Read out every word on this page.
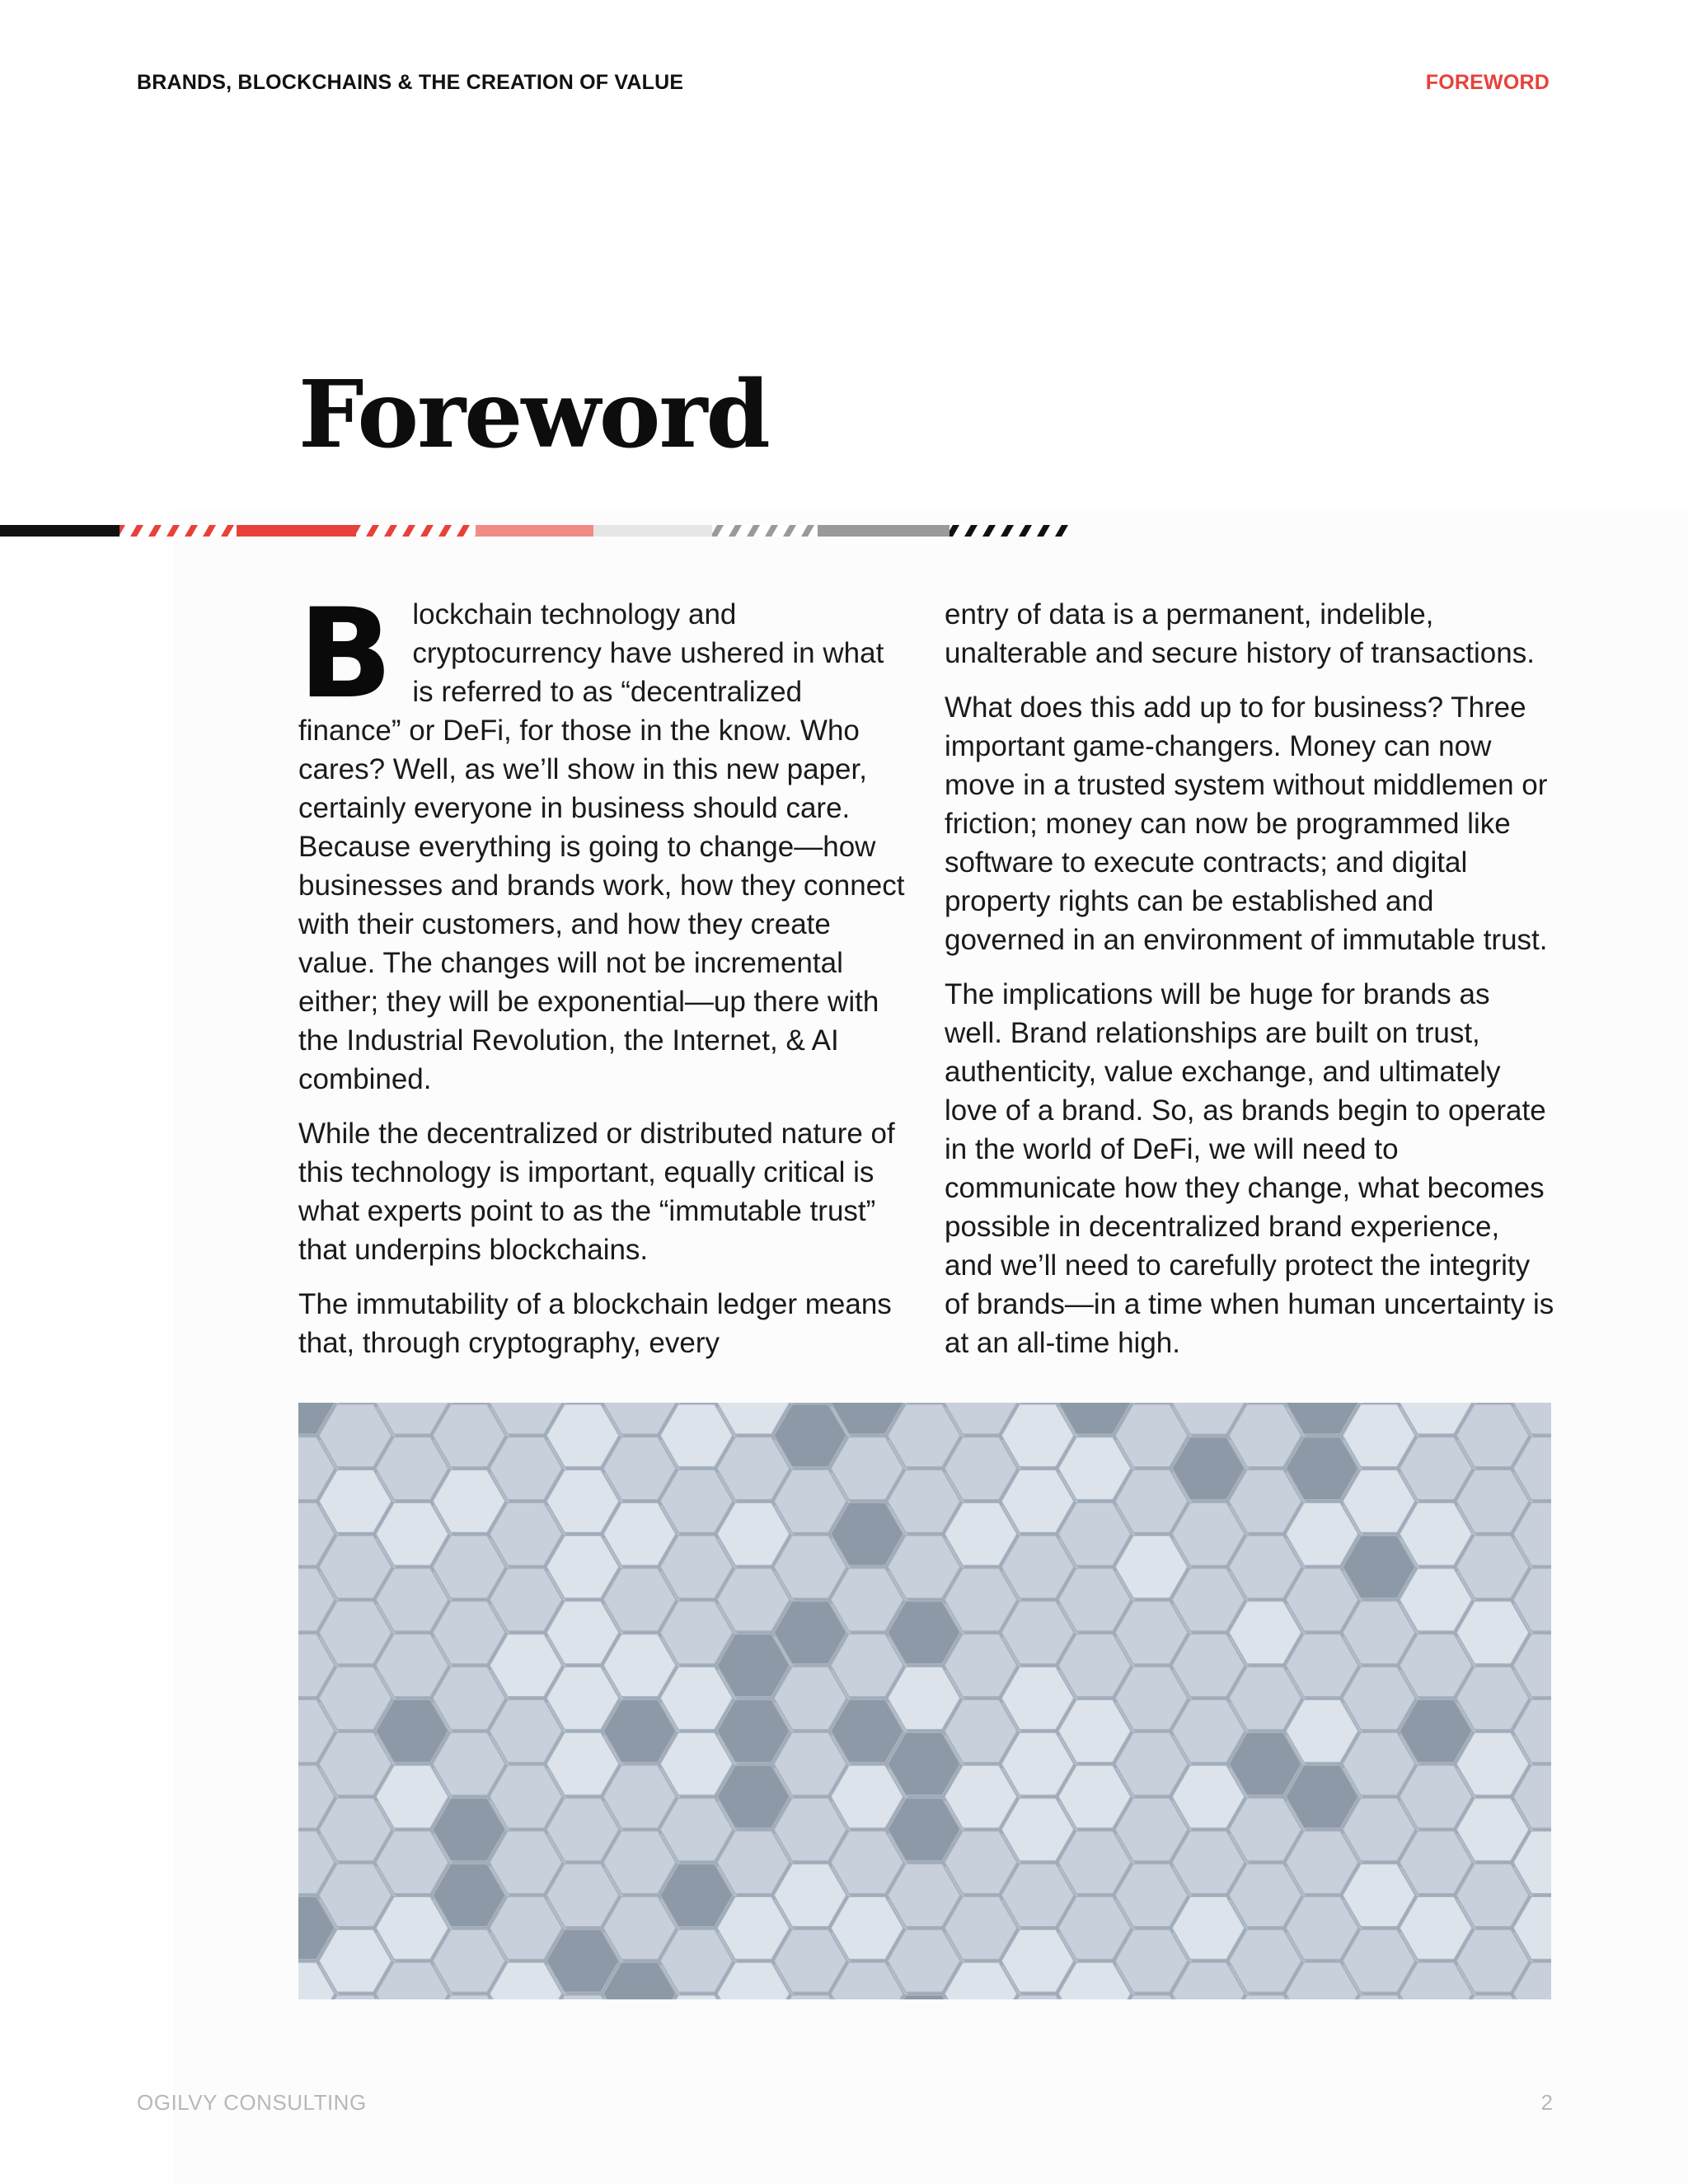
BRANDS, BLOCKCHAINS & THE CREATION OF VALUE	FOREWORD
Foreword

Blockchain technology and cryptocurrency have ushered in what is referred to as “decentralized finance” or DeFi, for those in the know. Who cares? Well, as we’ll show in this new paper, certainly everyone in business should care. Because everything is going to change—how businesses and brands work, how they connect with their customers, and how they create value. The changes will not be incremental either; they will be exponential—up there with the Industrial Revolution, the Internet, & AI combined.

While the decentralized or distributed nature of this technology is important, equally critical is what experts point to as the “immutable trust” that underpins blockchains.

The immutability of a blockchain ledger means that, through cryptography, every

entry of data is a permanent, indelible, unalterable and secure history of transactions.

What does this add up to for business? Three important game-changers. Money can now move in a trusted system without middlemen or friction; money can now be programmed like software to execute contracts; and digital property rights can be established and governed in an environment of immutable trust.

The implications will be huge for brands as well. Brand relationships are built on trust, authenticity, value exchange, and ultimately love of a brand. So, as brands begin to operate in the world of DeFi, we will need to communicate how they change, what becomes possible in decentralized brand experience, and we’ll need to carefully protect the integrity of brands—in a time when human uncertainty is at an all-time high.

OGILVY CONSULTING	2
